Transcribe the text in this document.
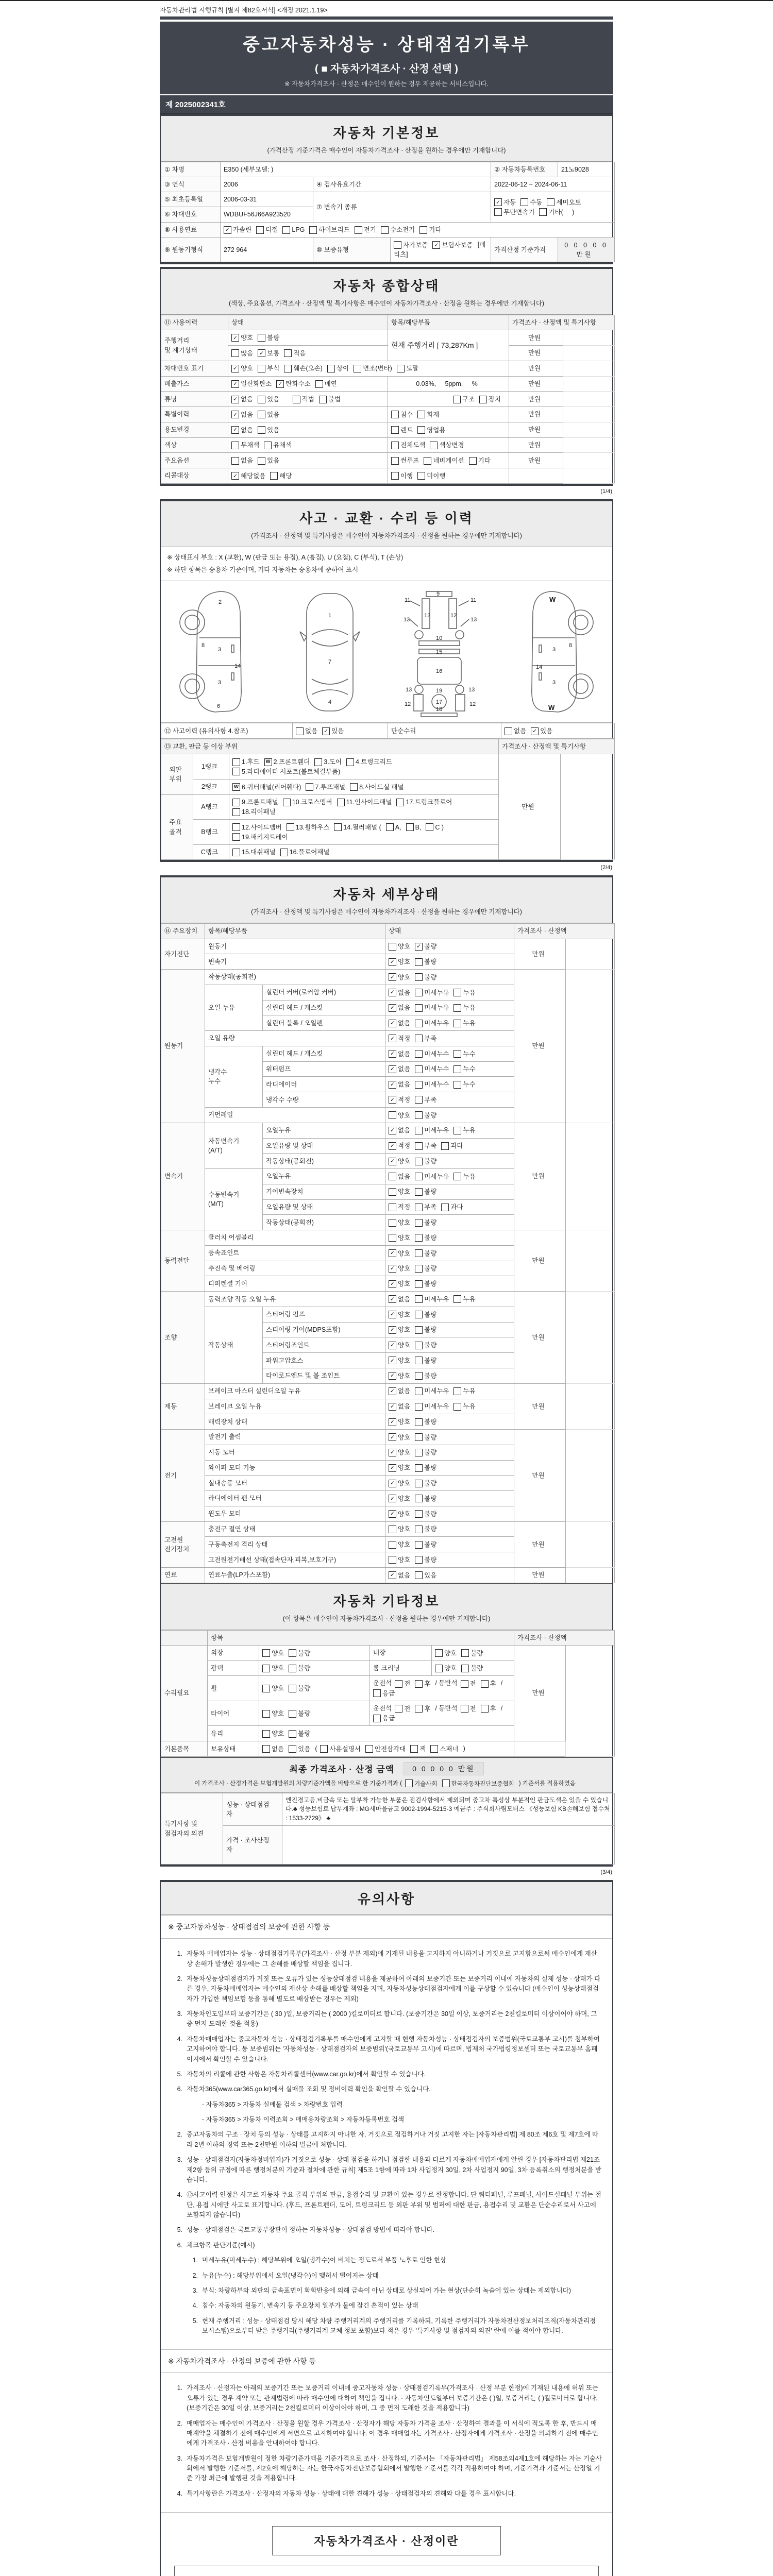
자동차관리법 시행규칙 [별지 제82호서식] <개정 2021.1.19>
중고자동차성능 · 상태점검기록부
( ■ 자동차가격조사 · 산정 선택 )
※ 자동차가격조사 · 산정은 매수인이 원하는 경우 제공하는 서비스입니다.
제 2025002341호
자동차 기본정보
(가격산정 기준가격은 매수인이 자동차가격조사 · 산정을 원하는 경우에만 기재합니다)
① 차명	E350 (세부모델: )			② 자동차등록번호	21노9028
③ 연식	2006	④ 검사유효기간		2022-06-12 ~ 2024-06-11	
⑤ 최초등록일	2006-03-31	⑦ 변속기 종류	
✓ 자동 수동 세미오토

무단변속기 기타(     )

⑥ 차대번호	WDBUF56J66A923520				
⑧ 사용연료	✓ 가솔린 디젤 LPG 하이브리드 전기 수소전기 기타

⑨ 원동기형식	272 964	⑩ 보증유형	자가보증 ✓ 보험사보증 [메리츠]	가격산정 기준가격	0 0 0 0 0 만원
자동차 종합상태
(색상, 주요옵션, 가격조사 · 산정액 및 특기사항은 매수인이 자동차가격조사 · 산정을 원하는 경우에만 기재합니다)
⑪ 사용이력	상태	항목/해당부품	가격조사 · 산정액 및 특기사항	
주행거리
및 계기상태	✓ 양호 불량	현재 주행거리 [ 73,287Km ]	만원	

	많음 ✓ 보통 적음		만원	
차대번호 표기	✓ 양호 부식 훼손(오손) 상이 변조(변타) 도말	만원	
배출가스	✓ 일산화탄소 ✓ 탄화수소 매연	0.03%,     5ppm,     %	만원	
튜닝	✓ 없음 있음
적법 불법	구조 장치	만원	
특별이력	✓ 없음 있음	침수 화재	만원	
용도변경	✓ 없음 있음	렌트 영업용	만원	
색상	무채색 유채색	전체도색 색상변경	만원	
주요옵션	없음 있음	썬루프 네비게이션 기타	만원	
리콜대상	✓ 해당없음 해당	이행 미이행		

(1/4)
사고 · 교환 · 수리 등 이력
(가격조사 · 산정액 및 특기사항은 매수인이 자동차가격조사 · 산정을 원하는 경우에만 기재합니다)
※ 상태표시 부호 : X (교환), W (판금 또는 용접), A (흠집), U (요철), C (부식), T (손상)
※ 하단 항목은 승용차 기준이며, 기타 자동차는 승용차에 준하여 표시
2
8
3
14
3
6
1
7
4
11
9
11
13
12	12
13
10
15
16
13	19	13
17
12	12
18
W
3
8
14
3
W
⑫ 사고이력 (유의사항 4.참조)	없음 ✓ 있음	단순수리	없음 ✓ 있음
⑬ 교환, 판금 등 이상 부위			가격조사 · 산정액 및 특기사항	
외판
부위	1랭크	
1.후드	W 2.프론트휀더 3.도어 4.트렁크리드

5.라디에이터 서포트(볼트체결부품)
	만원	
	2랭크	W 6.쿼터패널(리어휀다) 7.루프패널 8.사이드실 패널		

주요
골격	A랭크	9.프론트패널 10.크로스멤버 11.인사이드패널 17.트렁크플로어

18.리어패널		

B랭크	
12.사이드멤버 13.휠하우스 14.필러패널 ( A, B, C )

19.패키지트레이

	C랭크	15.대쉬패널 16.플로어패널		
(2/4)
자동차 세부상태
(가격조사 · 산정액 및 특기사항은 매수인이 자동차가격조사 · 산정을 원하는 경우에만 기재합니다)
⑭ 주요장치	항목/해당부품		상태	가격조사 · 산정액	
자기진단	원동기		양호 ✓ 불량	만원	
	변속기		✓ 양호 불량		

원동기	작동상태(공회전)		✓ 양호 불량	만원	
	오일 누유	실린더 커버(로커암 커버)	✓ 없음 미세누유 누유		

		실린더 헤드 / 개스킷	✓ 없음 미세누유 누유		

		실린더 블록 / 오일팬	✓ 없음 미세누유 누유		

	오일 유량		✓ 적정 부족		

	냉각수
누수	실린더 헤드 / 개스킷	✓ 없음 미세누수 누수		

		워터펌프	✓ 없음 미세누수 누수		

		라디에이터	✓ 없음 미세누수 누수		

		냉각수 수량	✓ 적정 부족		

	커먼레일		양호 불량		

변속기	자동변속기
(A/T)	오일누유	✓ 없음 미세누유 누유	만원	
		오일유량 및 상태	✓ 적정 부족 과다		

		작동상태(공회전)	✓ 양호 불량		

	수동변속기
(M/T)	오일누유	없음 미세누유 누유		

		기어변속장치	양호 불량		

		오일유량 및 상태	적정 부족 과다		

		작동상태(공회전)	양호 불량		

동력전달	클러치 어셈블리		양호 불량	만원	
	등속죠인트		✓ 양호 불량		

	추진축 및 베어링		✓ 양호 불량		

	디퍼렌셜 기어		✓ 양호 불량		

조향	동력조향 작동 오일 누유		✓ 없음 미세누유 누유	만원	
	작동상태	스티어링 펌프	✓ 양호 불량		

		스티어링 기어(MDPS포함)	✓ 양호 불량		

		스티어링조인트	✓ 양호 불량		

		파워고압호스	✓ 양호 불량		

		타이로드엔드 및 볼 조인트	✓ 양호 불량		

제동	브레이크 마스터 실린더오일 누유		✓ 없음 미세누유 누유	만원	
	브레이크 오일 누유		✓ 없음 미세누유 누유		

	배력장치 상태		✓ 양호 불량		

전기	발전기 출력		✓ 양호 불량	만원	
	시동 모터		✓ 양호 불량		

	와이퍼 모터 기능		✓ 양호 불량		

	실내송풍 모터		✓ 양호 불량		

	라디에이터 팬 모터		✓ 양호 불량		

	윈도우 모터		✓ 양호 불량		

고전원
전기장치	충전구 절연 상태		양호 불량	만원	
	구동축전지 격리 상태		양호 불량		

	고전원전기배선 상태(접속단자,피복,보호기구)		양호 불량		

연료	연료누출(LP가스포함)		✓ 없음 있음	만원	
자동차 기타정보
(이 항목은 매수인이 자동차가격조사 · 산정을 원하는 경우에만 기재합니다)
	항목				가격조사 · 산정액	
수리필요	외장	양호 불량	내장	양호 불량	만원	
	광택	양호 불량	룸 크리닝	양호 불량		

휠	양호 불량
	운전석 전 후 / 동반석 전 후 /
응급

타이어	양호 불량
	운전석 전 후 / 동반석 전 후 /
응급

	유리	양호 불량				

기본품목	보유상태	없음 있음 ( 사용설명서 안전삼각대 잭 스패너 )	
최종 가격조사 · 산정 금액	0 0 0 0 0 만원
이 가격조사 · 산정가격은 보험개발원의 차량기준가액을 바탕으로 한 기준가격과 ( 기술사회 한국자동차진단보증협회 ) 기준서를 적용하였음
특기사항 및
점검자의 의견	성능 · 상태점검
자	엔진경고등,비금속 또는 탈부착 가능한 부품은 점검사항에서 제외되며 중고차 특성상 부분적인 판금도색은 있을 수 있습니다.♣ 성능보험료 납부계좌 : MG새마을금고 9002-1994-5215-3 예금주 : 주식회사팀모터스 《성능보험 KB손해보험 접수처 : 1533-2729》 ♣
	가격 · 조사산정
자	
(3/4)
유의사항
※ 중고자동차성능 · 상태점검의 보증에 관한 사항 등
1. 자동차 매매업자는 성능 · 상태점검기록부(가격조사 · 산정 부분 제외)에 기재된 내용을 고지하지 아니하거나 거짓으로 고지함으로써 매수인에게 재산상 손해가 발생한 경우에는 그 손해를 배상할 책임을 집니다.
2. 자동차성능상태점검자가 거짓 또는 오류가 있는 성능상태점검 내용을 제공하여 아래의 보증기간 또는 보증거리 이내에 자동차의 실제 성능 · 상태가 다른 경우, 자동차매매업자는 매수인의 재산상 손해를 배상할 책임을 지며, 자동차성능상태점검자에게 이를 구상할 수 있습니다 (매수인이 성능상태점검자가 가입한 책임보험 등을 통해 별도로 배상받는 경우는 제외)
3. 자동차인도일부터 보증기간은 ( 30 )일, 보증거리는 ( 2000 )킬로미터로 합니다. (보증기간은 30일 이상, 보증거리는 2천킬로미터 이상이어야 하며, 그 중 먼저 도래한 것을 적용)
4. 자동차매매업자는 중고자동차 성능 · 상태점검기록부를 매수인에게 고지할 때 현행 자동차성능 · 상태점검자의 보증범위(국토교통부 고시)를 첨부하여 고지하여야 합니다. 동 보증범위는 '자동차성능 · 상태점검자의 보증범위'(국토교통부 고시)에 따르며, 법제처 국가법령정보센터 또는 국토교통부 홈페이지에서 확인할 수 있습니다.
5. 자동차의 리콜에 관한 사항은 자동차리콜센터(www.car.go.kr)에서 확인할 수 있습니다.
6. 자동차365(www.car365.go.kr)에서 실매물 조회 및 정비이력 확인을 확인할 수 있습니다.
- 자동차365 > 자동차 실매물 검색 > 차량번호 입력
- 자동차365 > 자동차 이력조회 > 매매용차량조회 > 자동차등록번호 검색
2. 중고자동차의 구조 · 장치 등의 성능 · 상태를 고지하지 아니한 자, 거짓으로 점검하거나 거짓 고지한 자는 [자동차관리법] 제 80조 제6호 및 제7호에 따라 2년 이하의 징역 또는 2천만원 이하의 벌금에 처합니다.
3. 성능 · 상태점검자(자동차정비업자)가 거짓으로 성능 · 상태 점검을 하거나 점검한 내용과 다르게 자동차매매업자에게 알린 경우 [자동차관리법 제21조 제2항 등의 규정에 따른 행정처분의 기준과 절차에 관한 규칙] 제5조 1항에 따라 1차 사업정지 30일, 2차 사업정지 90일, 3차 등록취소의 행정처분을 받습니다.
4. ⑫사고이력 인정은 사고로 자동차 주요 골격 부위의 판금, 용접수리 및 교환이 있는 경우로 한정합니다. 단 쿼터패널, 루프패널, 사이드실패널 부위는 절단, 용접 시에만 사고로 표기합니다. (후드, 프론트펜더, 도어, 트렁크리드 등 외판 부위 및 범퍼에 대한 판금, 용접수리 및 교환은 단순수리로서 사고에 포함되지 않습니다)
5. 성능 · 상태점검은 국토교통부장관이 정하는 자동차성능 · 상태점검 방법에 따라야 합니다.
6. 체크항목 판단기준(예시)
1. 미세누유(미세누수) : 해당부위에 오일(냉각수)이 비치는 정도로서 부품 노후로 인한 현상
2. 누유(누수) : 해당부위에서 오일(냉각수)이 맺혀서 떨어지는 상태
3. 부식: 차량하부와 외판의 금속표면이 화학반응에 의해 금속이 아닌 상태로 상실되어 가는 현상(단순히 녹슬어 있는 상태는 제외합니다)
4. 침수: 자동차의 원동기, 변속기 등 주요장치 일부가 물에 잠긴 흔적이 있는 상태
5. 현재 주행거리 : 성능 · 상태점검 당시 해당 차량 주행거리계의 주행거리를 기록하되, 기록한 주행거리가 자동차전산정보처리조직(자동차관리정보시스템)으로부터 받은 주행거리(주행거리계 교체 정보 포함)보다 적은 경우 '특기사항 및 점검자의 의견' 란에 이를 적어야 합니다.
※ 자동차가격조사 · 산정의 보증에 관한 사항 등
1. 가격조사 · 산정자는 아래의 보증기간 또는 보증거리 이내에 중고자동차 성능 · 상태점검기록부(가격조사 · 산정 부분 한정)에 기재된 내용에 허위 또는 오류가 있는 경우 계약 또는 관계법령에 따라 매수인에 대하여 책임을 집니다. · 자동차인도일부터 보증기간은 ( )일, 보증거리는 ( )킬로미터로 합니다. (보증기간은 30일 이상, 보증거리는 2천킬로미터 이상이어야 하며, 그 중 먼저 도래한 것을 적용합니다)
2. 매매업자는 매수인이 가격조사 · 산정을 원할 경우 가격조사 · 산정자가 해당 자동차 가격을 조사 · 산정하여 결과를 이 서식에 적도록 한 후, 반드시 매매계약을 체결하기 전에 매수인에게 서면으로 고지하여야 합니다. 이 경우 매매업자는 가격조사 · 산정자에게 가격조사 · 산정을 의뢰하기 전에 매수인에게 가격조사 · 산정 비용을 안내하여야 합니다.
3. 자동차가격은 보험개발원이 정한 차량기준가액을 기준가격으로 조사 · 산정하되, 기준서는 「자동차관리법」 제58조의4제1호에 해당하는 자는 기술사회에서 발행한 기준서를, 제2호에 해당하는 자는 한국자동차진단보증협회에서 발행한 기준서를 각각 적용하여야 하며, 기준가격과 기준서는 산정일 기준 가장 최근에 발행된 것을 적용합니다.
4. 특기사항란은 가격조사 · 산정자의 자동차 성능 · 상태에 대한 견해가 성능 · 상태점검자의 견해와 다를 경우 표시합니다.
자동차가격조사 · 산정이란
